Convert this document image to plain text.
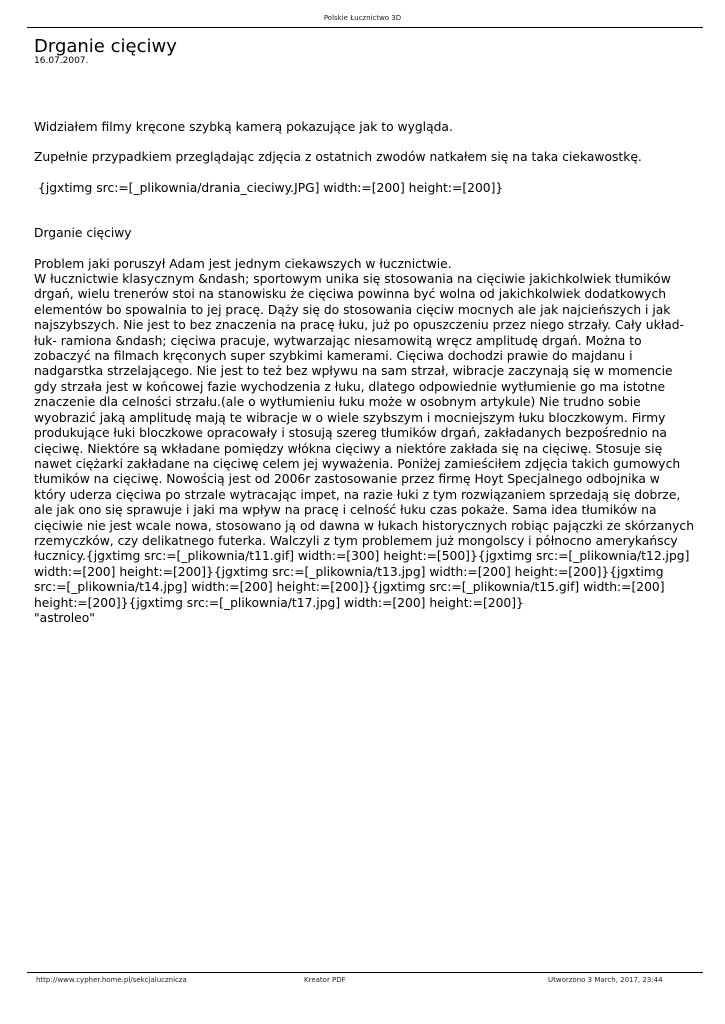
Polskie Łucznictwo 3D
Drganie cięciwy
16.07.2007.

Widziałem filmy kręcone szybką kamerą pokazujące jak to wygląda.

Zupełnie przypadkiem przeglądając zdjęcia z ostatnich zwodów natkałem się na taka ciekawostkę.

{jgxtimg src:=[_plikownia/drania_cieciwy.JPG] width:=[200] height:=[200]}

Drganie cięciwy

Problem jaki poruszył Adam jest jednym ciekawszych w łucznictwie.
W łucznictwie klasycznym &ndash; sportowym unika się stosowania na cięciwie jakichkolwiek tłumików drgań, wielu trenerów stoi na stanowisku że cięciwa powinna być wolna od jakichkolwiek dodatkowych elementów bo spowalnia to jej pracę. Dąży się do stosowania cięciw mocnych ale jak najcieńszych i jak najszybszych. Nie jest to bez znaczenia na pracę łuku, już po opuszczeniu przez niego strzały. Cały układ- łuk- ramiona &ndash; cięciwa pracuje, wytwarzając niesamowitą wręcz amplitudę drgań. Można to zobaczyć na filmach kręconych super szybkimi kamerami. Cięciwa dochodzi prawie do majdanu i nadgarstka strzelającego. Nie jest to też bez wpływu na sam strzał, wibracje zaczynają się w momencie gdy strzała jest w końcowej fazie wychodzenia z łuku, dlatego odpowiednie wytłumienie go ma istotne znaczenie dla celności strzału.(ale o wytłumieniu łuku może w osobnym artykule) Nie trudno sobie wyobrazić jaką amplitudę mają te wibracje w o wiele szybszym i mocniejszym łuku bloczkowym. Firmy produkujące łuki bloczkowe opracowały i stosują szereg tłumików drgań, zakładanych bezpośrednio na cięciwę. Niektóre są wkładane pomiędzy włókna cięciwy a niektóre zakłada się na cięciwę. Stosuje się nawet ciężarki zakładane na cięciwę celem jej wyważenia. Poniżej zamieściłem zdjęcia takich gumowych tłumików na cięciwę. Nowością jest od 2006r zastosowanie przez firmę Hoyt Specjalnego odbojnika w który uderza cięciwa po strzale wytracając impet, na razie łuki z tym rozwiązaniem sprzedają się dobrze, ale jak ono się sprawuje i jaki ma wpływ na pracę i celność łuku czas pokaże. Sama idea tłumików na cięciwie nie jest wcale nowa, stosowano ją od dawna w łukach historycznych robiąc pajączki ze skórzanych rzemyczków, czy delikatnego futerka. Walczyli z tym problemem już mongolscy i północno amerykańscy łucznicy.{jgxtimg src:=[_plikownia/t11.gif] width:=[300] height:=[500]}{jgxtimg src:=[_plikownia/t12.jpg] width:=[200] height:=[200]}{jgxtimg src:=[_plikownia/t13.jpg] width:=[200] height:=[200]}{jgxtimg src:=[_plikownia/t14.jpg] width:=[200] height:=[200]}{jgxtimg src:=[_plikownia/t15.gif] width:=[200] height:=[200]}{jgxtimg src:=[_plikownia/t17.jpg] width:=[200] height:=[200]}
"astroleo"

http://www.cypher.home.pl/sekcjalucznicza	Kreator PDF	Utworzono 3 March, 2017, 23:44
